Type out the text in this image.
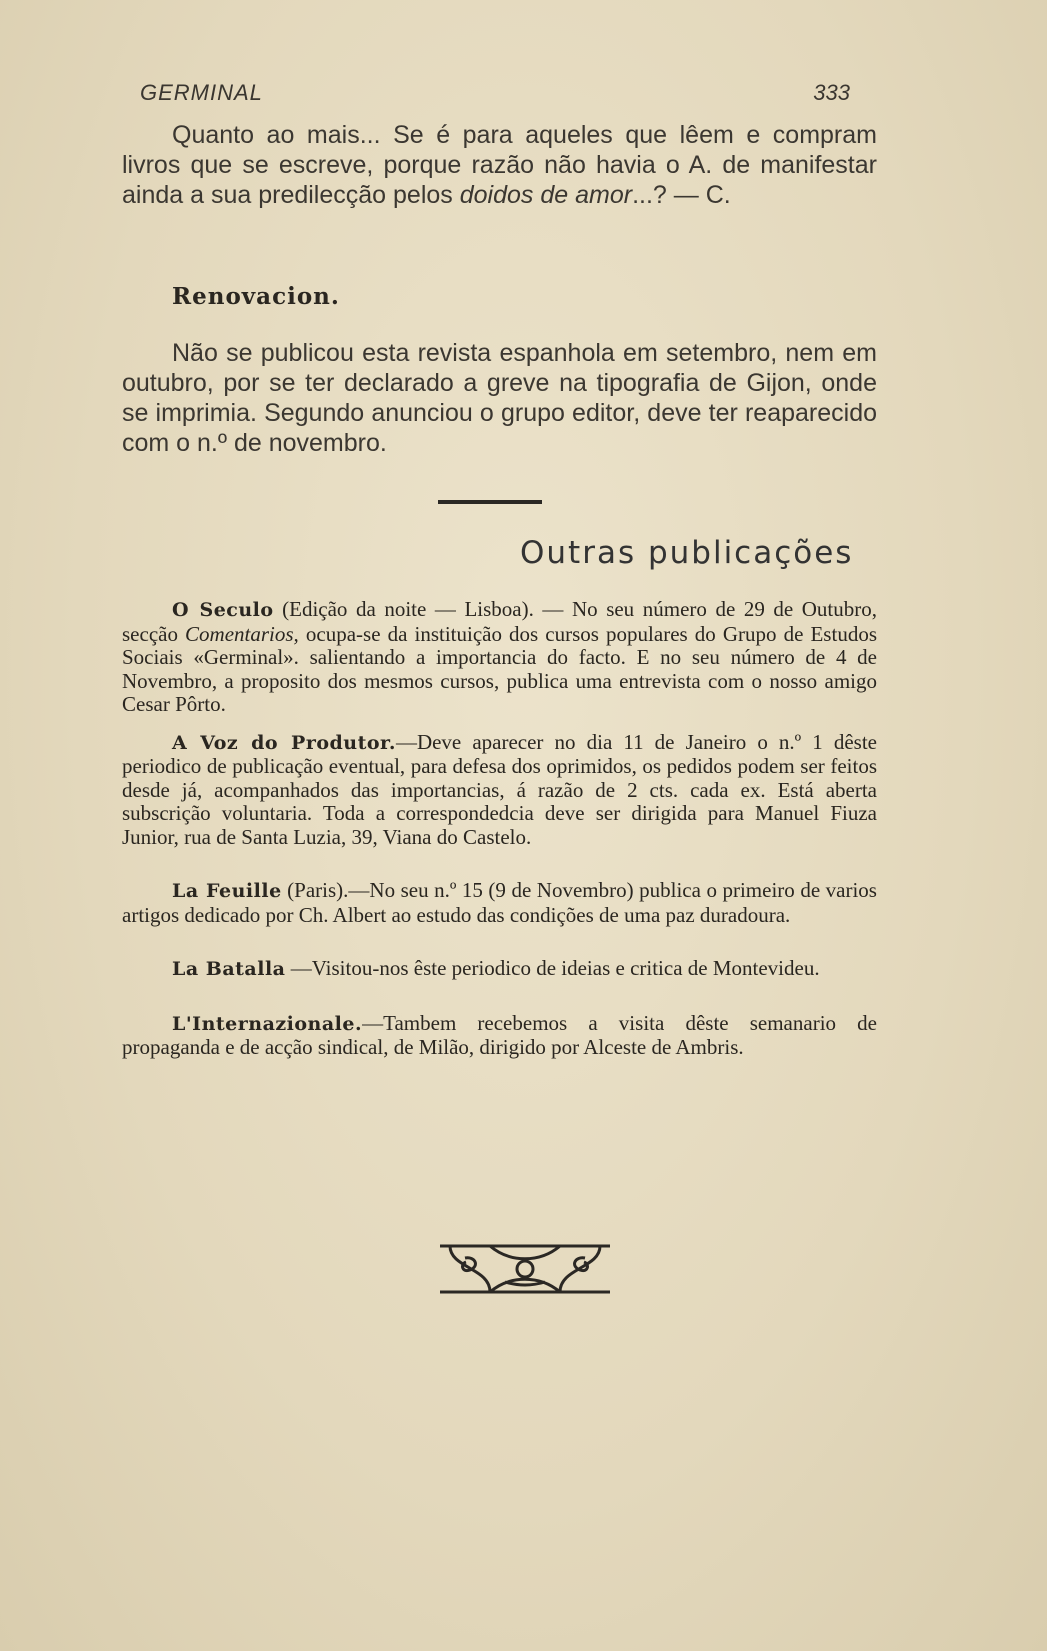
GERMINAL	333

Quanto ao mais... Se é para aqueles que lêem e compram livros que se escreve, porque razão não havia o A. de manifestar ainda a sua predilecção pelos doidos de amor...? — C.

Renovacion.

Não se publicou esta revista espanhola em setembro, nem em outubro, por se ter declarado a greve na tipografia de Gijon, onde se imprimia. Segundo anunciou o grupo editor, deve ter reaparecido com o n.º de novembro.

Outras publicações

O Seculo (Edição da noite — Lisboa). — No seu número de 29 de Outubro, secção Comentarios, ocupa-se da instituição dos cursos populares do Grupo de Estudos Sociais «Germinal». salientando a importancia do facto. E no seu número de 4 de Novembro, a proposito dos mesmos cursos, publica uma entrevista com o nosso amigo Cesar Pôrto.

A Voz do Produtor.—Deve aparecer no dia 11 de Janeiro o n.º 1 dêste periodico de publicação eventual, para defesa dos oprimidos, os pedidos podem ser feitos desde já, acompanhados das importancias, á razão de 2 cts. cada ex. Está aberta subscrição voluntaria. Toda a correspondedcia deve ser dirigida para Manuel Fiuza Junior, rua de Santa Luzia, 39, Viana do Castelo.

La Feuille (Paris).—No seu n.º 15 (9 de Novembro) publica o primeiro de varios artigos dedicado por Ch. Albert ao estudo das condições de uma paz duradoura.

La Batalla —Visitou-nos êste periodico de ideias e critica de Montevideu.

L'Internazionale.—Tambem recebemos a visita dêste semanario de propaganda e de acção sindical, de Milão, dirigido por Alceste de Ambris.
